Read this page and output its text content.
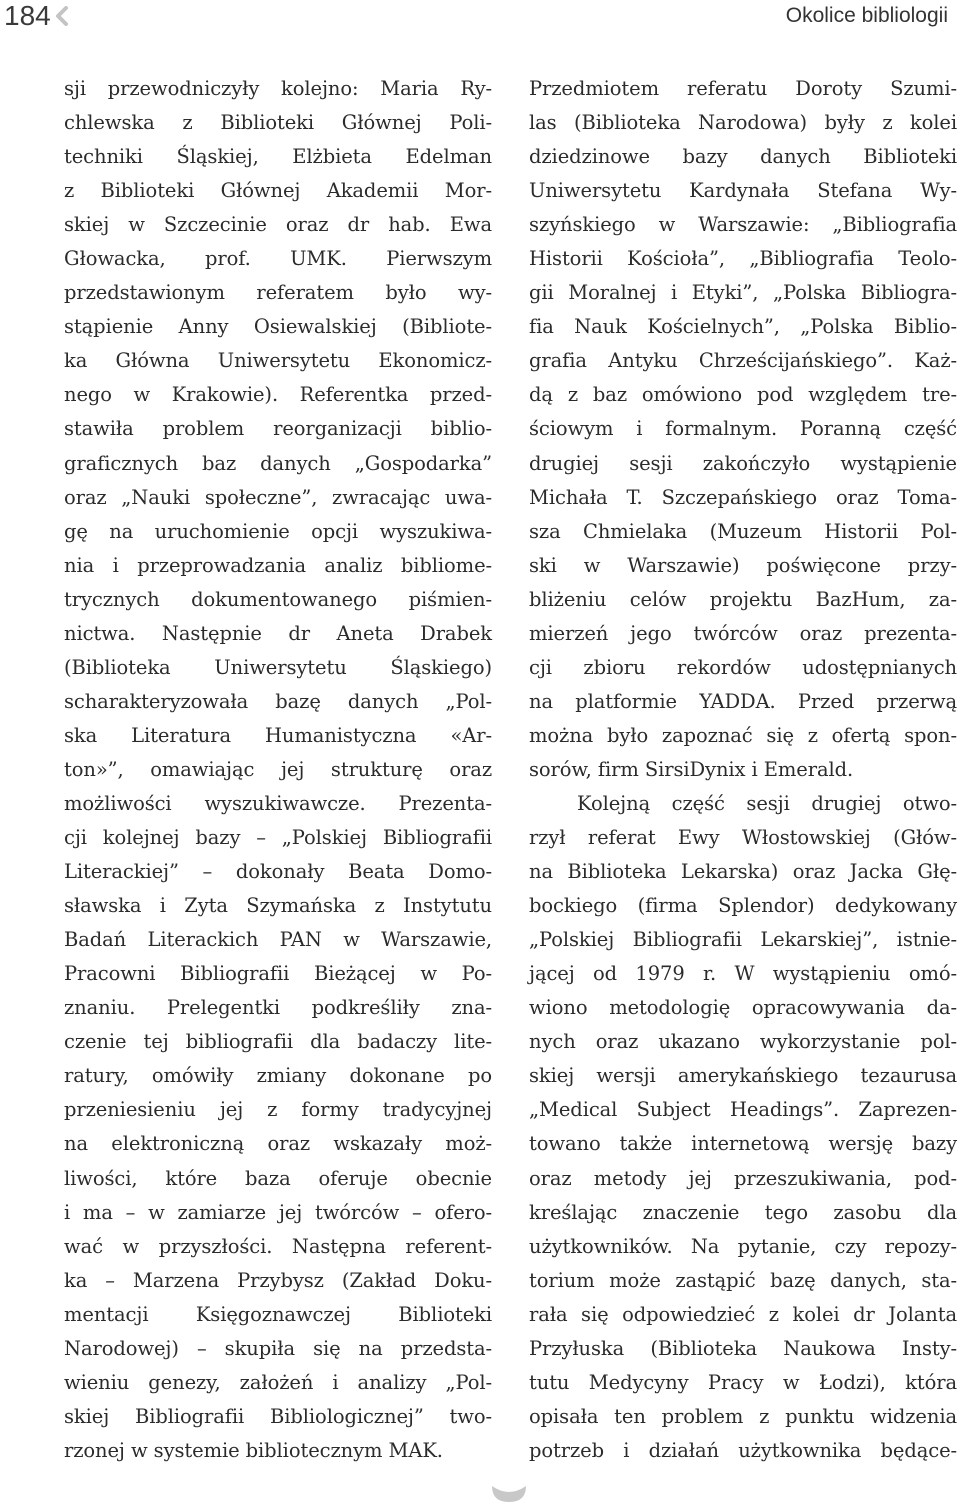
184	Okolice bibliologii
sji przewodniczyły kolejno: Maria Ry-
chlewska z Biblioteki Głównej Poli-
techniki Śląskiej, Elżbieta Edelman
z Biblioteki Głównej Akademii Mor-
skiej w Szczecinie oraz dr hab. Ewa
Głowacka, prof. UMK. Pierwszym
przedstawionym referatem było wy-
stąpienie Anny Osiewalskiej (Bibliote-
ka Główna Uniwersytetu Ekonomicz-
nego w Krakowie). Referentka przed-
stawiła problem reorganizacji biblio-
graficznych baz danych „Gospodarka”
oraz „Nauki społeczne”, zwracając uwa-
gę na uruchomienie opcji wyszukiwa-
nia i przeprowadzania analiz bibliome-
trycznych dokumentowanego piśmien-
nictwa. Następnie dr Aneta Drabek
(Biblioteka Uniwersytetu Śląskiego)
scharakteryzowała bazę danych „Pol-
ska Literatura Humanistyczna «Ar-
ton»”, omawiając jej strukturę oraz
możliwości wyszukiwawcze. Prezenta-
cji kolejnej bazy – „Polskiej Bibliografii
Literackiej” – dokonały Beata Domo-
sławska i Zyta Szymańska z Instytutu
Badań Literackich PAN w Warszawie,
Pracowni Bibliografii Bieżącej w Po-
znaniu. Prelegentki podkreśliły zna-
czenie tej bibliografii dla badaczy lite-
ratury, omówiły zmiany dokonane po
przeniesieniu jej z formy tradycyjnej
na elektroniczną oraz wskazały moż-
liwości, które baza oferuje obecnie
i ma – w zamiarze jej twórców – ofero-
wać w przyszłości. Następna referent-
ka – Marzena Przybysz (Zakład Doku-
mentacji Księgoznawczej Biblioteki
Narodowej) – skupiła się na przedsta-
wieniu genezy, założeń i analizy „Pol-
skiej Bibliografii Bibliologicznej” two-
rzonej w systemie bibliotecznym MAK.
Przedmiotem referatu Doroty Szumi-
las (Biblioteka Narodowa) były z kolei
dziedzinowe bazy danych Biblioteki
Uniwersytetu Kardynała Stefana Wy-
szyńskiego w Warszawie: „Bibliografia
Historii Kościoła”, „Bibliografia Teolo-
gii Moralnej i Etyki”, „Polska Bibliogra-
fia Nauk Kościelnych”, „Polska Biblio-
grafia Antyku Chrześcijańskiego”. Każ-
dą z baz omówiono pod względem tre-
ściowym i formalnym. Poranną część
drugiej sesji zakończyło wystąpienie
Michała T. Szczepańskiego oraz Toma-
sza Chmielaka (Muzeum Historii Pol-
ski w Warszawie) poświęcone przy-
bliżeniu celów projektu BazHum, za-
mierzeń jego twórców oraz prezenta-
cji zbioru rekordów udostępnianych
na platformie YADDA. Przed przerwą
można było zapoznać się z ofertą spon-
sorów, firm SirsiDynix i Emerald.
Kolejną część sesji drugiej otwo-
rzył referat Ewy Włostowskiej (Głów-
na Biblioteka Lekarska) oraz Jacka Głę-
bockiego (firma Splendor) dedykowany
„Polskiej Bibliografii Lekarskiej”, istnie-
jącej od 1979 r. W wystąpieniu omó-
wiono metodologię opracowywania da-
nych oraz ukazano wykorzystanie pol-
skiej wersji amerykańskiego tezaurusa
„Medical Subject Headings”. Zaprezen-
towano także internetową wersję bazy
oraz metody jej przeszukiwania, pod-
kreślając znaczenie tego zasobu dla
użytkowników. Na pytanie, czy repozy-
torium może zastąpić bazę danych, sta-
rała się odpowiedzieć z kolei dr Jolanta
Przyłuska (Biblioteka Naukowa Insty-
tutu Medycyny Pracy w Łodzi), która
opisała ten problem z punktu widzenia
potrzeb i działań użytkownika będące-
